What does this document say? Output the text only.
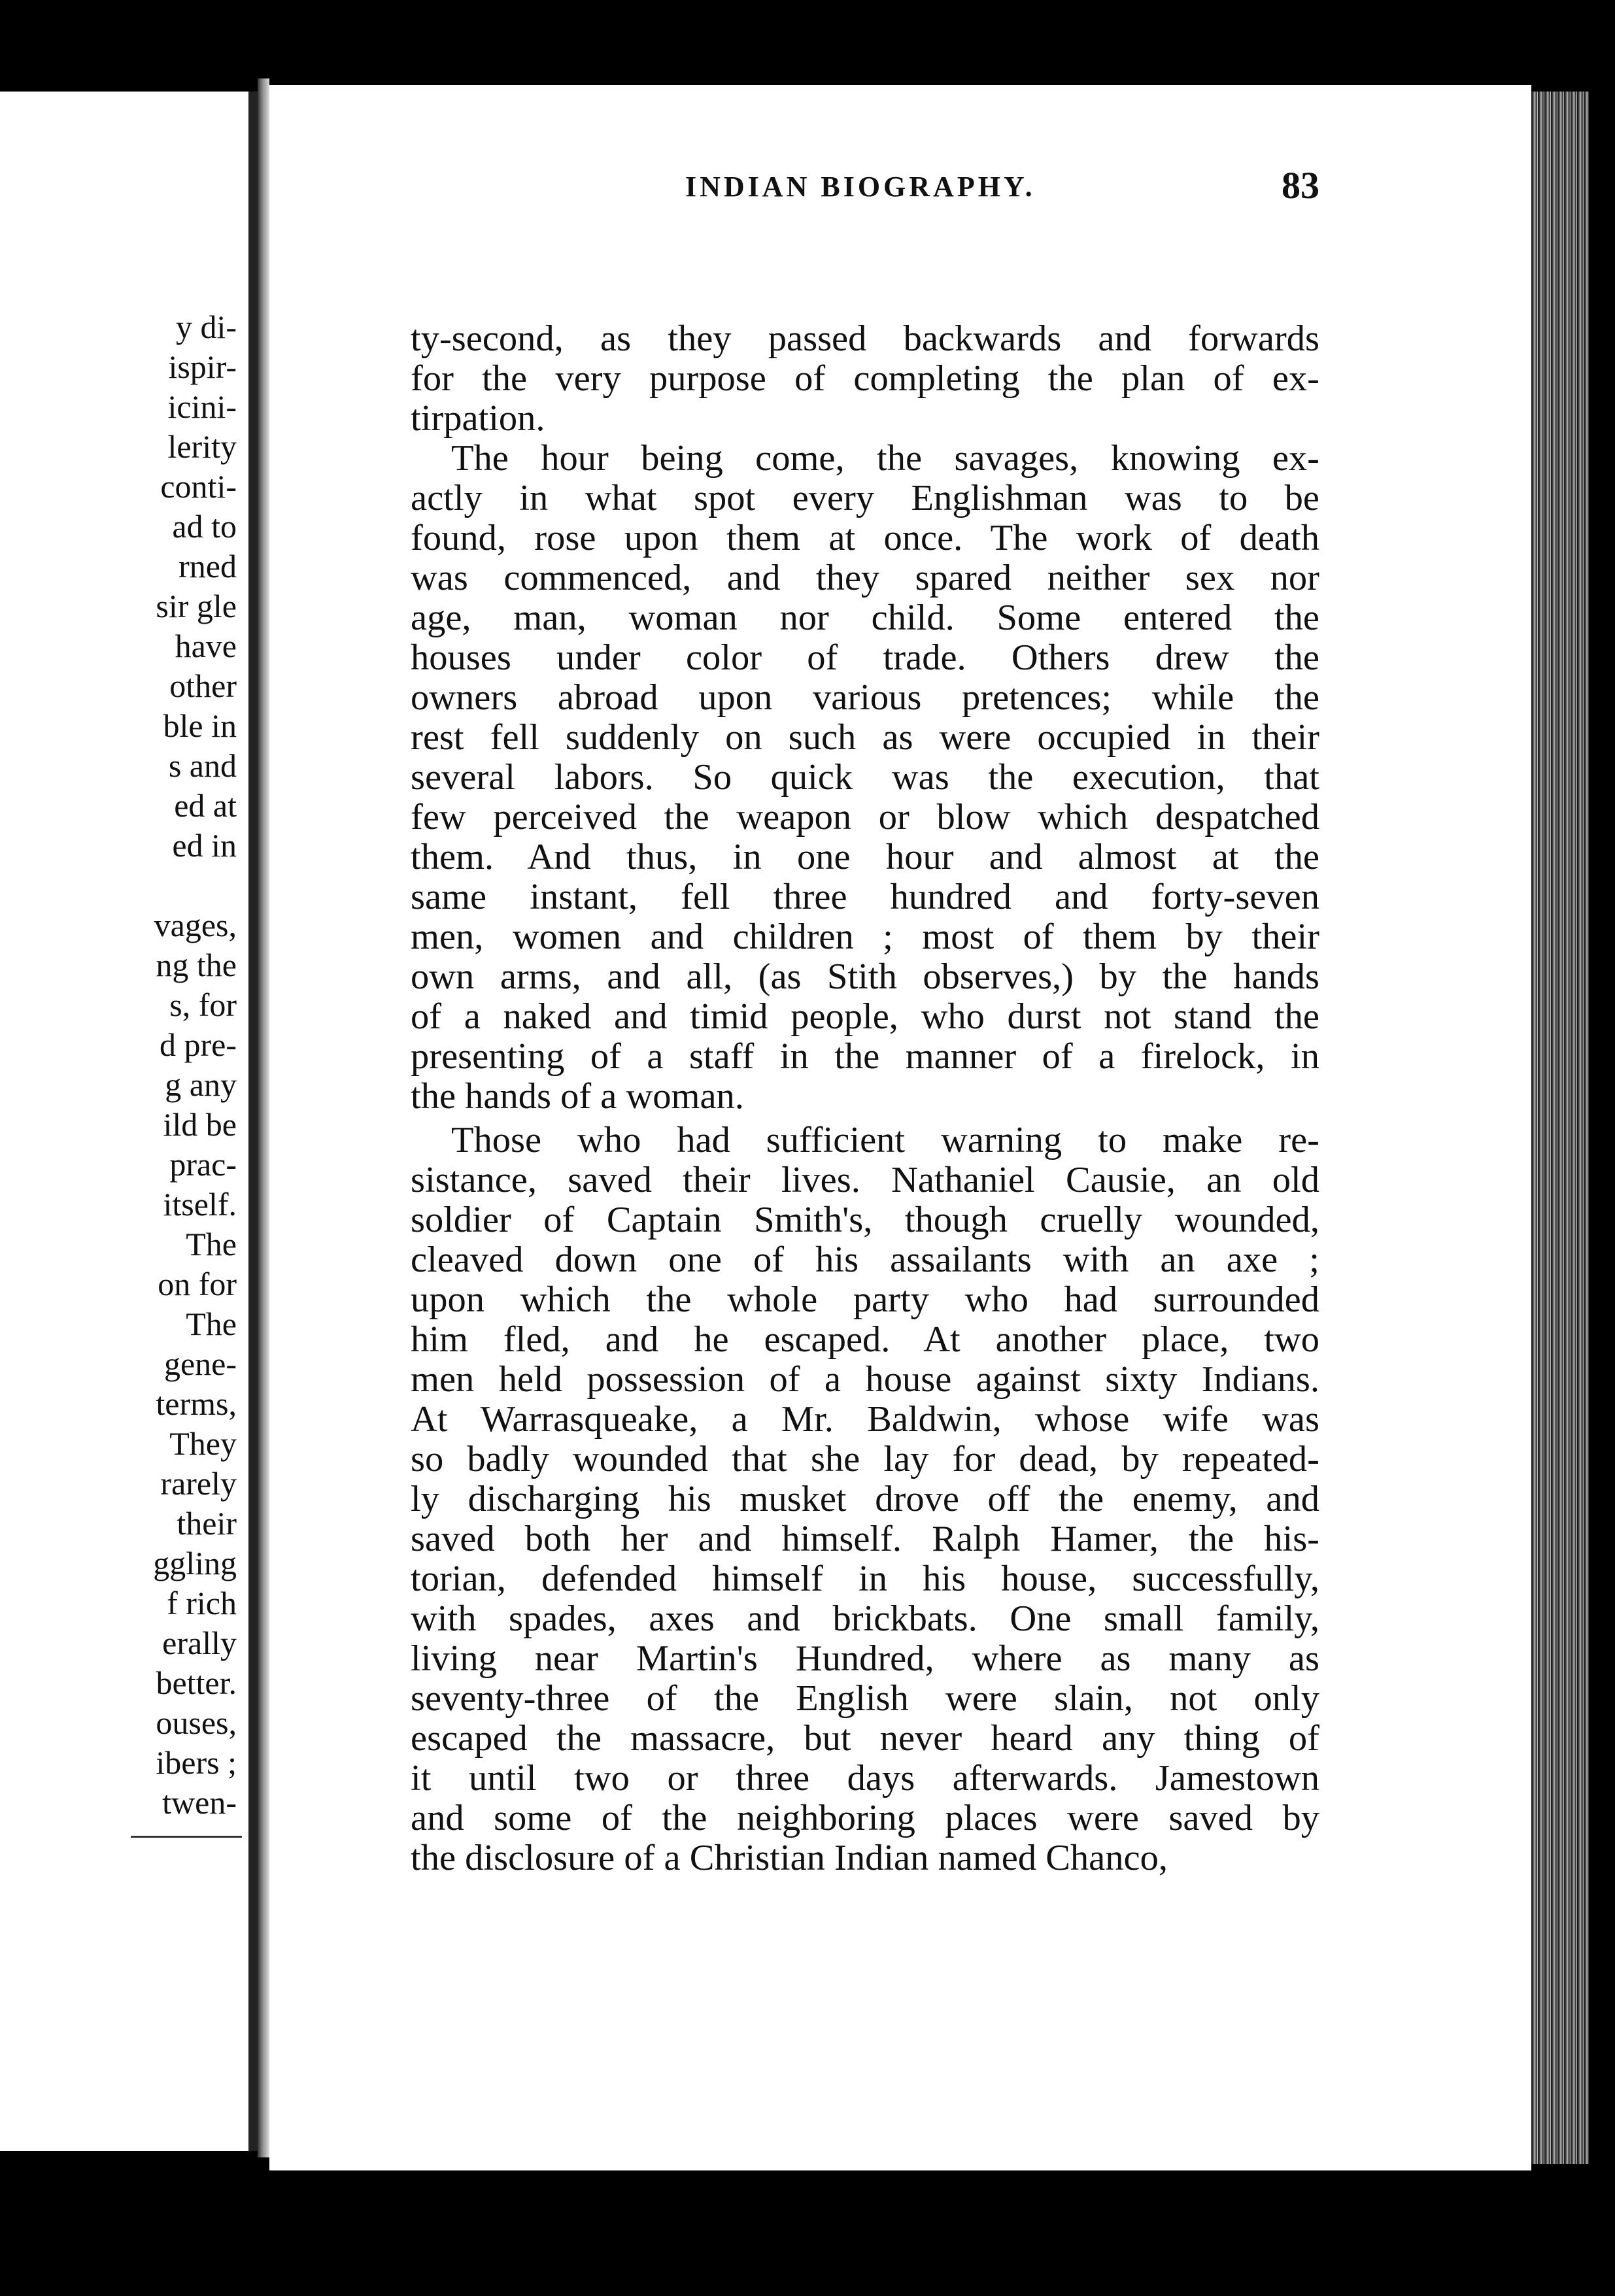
y di-
ispir-
icini-
lerity
conti-
ad to
rned
sir gle
have
other
ble in
s and
ed at
ed in
vages,
ng the
s, for
d pre-
g any
ild be
prac-
itself.
The
on for
The
gene-
terms,
They
rarely
their
ggling
f rich
erally
better.
ouses,
ibers ;
twen-
INDIAN BIOGRAPHY.	83
ty-second, as they passed backwards and forwards
for the very purpose of completing the plan of ex-
tirpation.
The hour being come, the savages, knowing ex-
actly in what spot every Englishman was to be
found, rose upon them at once. The work of death
was commenced, and they spared neither sex nor
age, man, woman nor child. Some entered the
houses under color of trade. Others drew the
owners abroad upon various pretences; while the
rest fell suddenly on such as were occupied in their
several labors. So quick was the execution, that
few perceived the weapon or blow which despatched
them. And thus, in one hour and almost at the
same instant, fell three hundred and forty-seven
men, women and children ; most of them by their
own arms, and all, (as Stith observes,) by the hands
of a naked and timid people, who durst not stand the
presenting of a staff in the manner of a firelock, in
the hands of a woman.
Those who had sufficient warning to make re-
sistance, saved their lives. Nathaniel Causie, an old
soldier of Captain Smith's, though cruelly wounded,
cleaved down one of his assailants with an axe ;
upon which the whole party who had surrounded
him fled, and he escaped. At another place, two
men held possession of a house against sixty Indians.
At Warrasqueake, a Mr. Baldwin, whose wife was
so badly wounded that she lay for dead, by repeated-
ly discharging his musket drove off the enemy, and
saved both her and himself. Ralph Hamer, the his-
torian, defended himself in his house, successfully,
with spades, axes and brickbats. One small family,
living near Martin's Hundred, where as many as
seventy-three of the English were slain, not only
escaped the massacre, but never heard any thing of
it until two or three days afterwards. Jamestown
and some of the neighboring places were saved by
the disclosure of a Christian Indian named Chanco,
